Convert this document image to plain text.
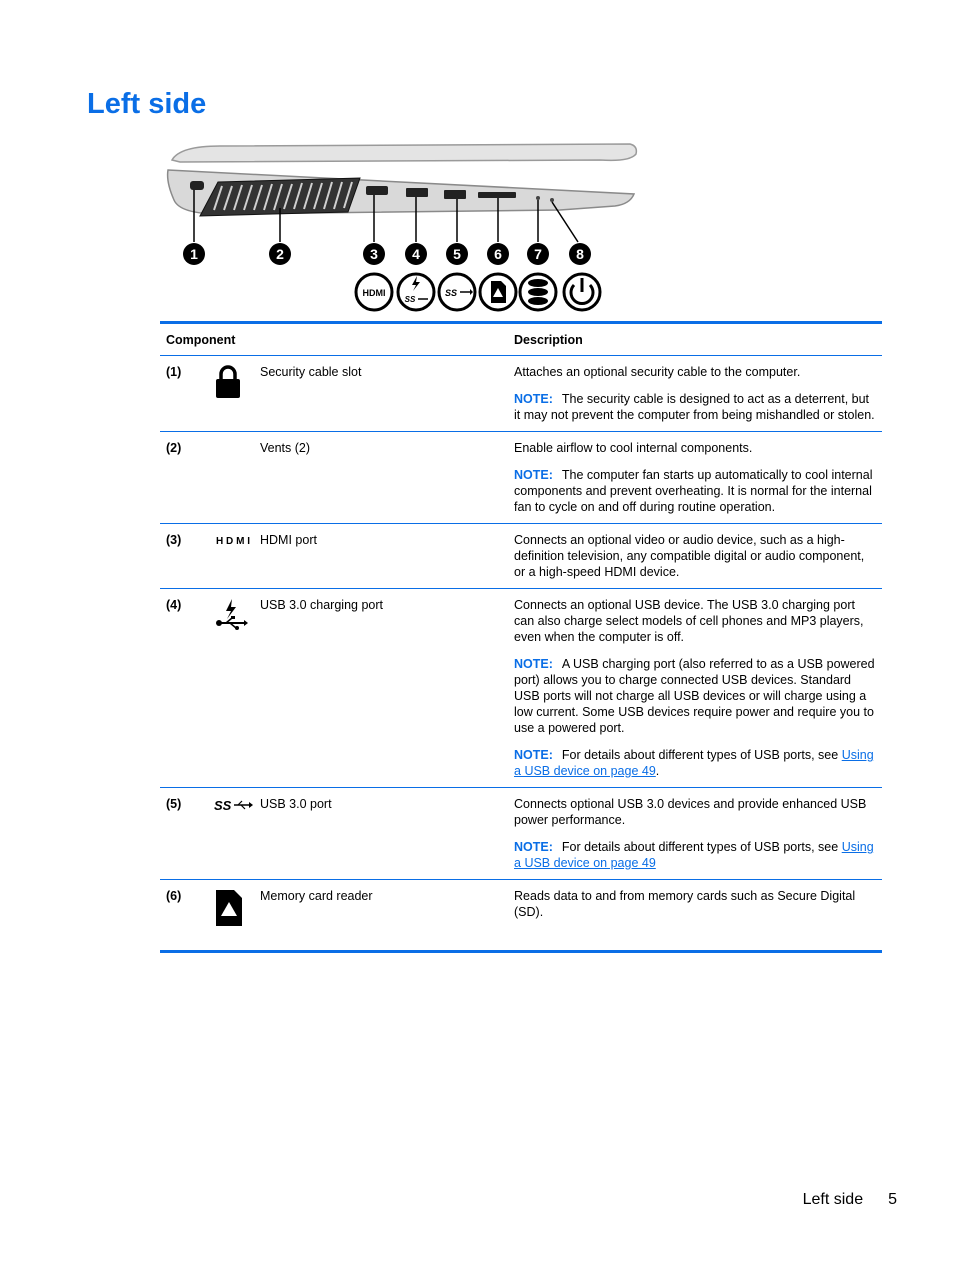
Left side
1	2	3 4 5 6 7 8
HDMI
SS
SS
Component			Description
(1)		Security cable slot	Attaches an optional security cable to the computer.

NOTE: The security cable is designed to act as a deterrent, but it may not prevent the computer from being mishandled or stolen.

(2)		Vents (2)	Enable airflow to cool internal components.

NOTE: The computer fan starts up automatically to cool internal components and prevent overheating. It is normal for the internal fan to cycle on and off during routine operation.

(3)	HDMI	HDMI port	Connects an optional video or audio device, such as a high-definition television, any compatible digital or audio component, or a high-speed HDMI device.

(4)		USB 3.0 charging port	Connects an optional USB device. The USB 3.0 charging port can also charge select models of cell phones and MP3 players, even when the computer is off.

NOTE: A USB charging port (also referred to as a USB powered port) allows you to charge connected USB devices. Standard USB ports will not charge all USB devices or will charge using a low current. Some USB devices require power and require you to use a powered port.

NOTE: For details about different types of USB ports, see Using a USB device on page 49.

(5)	SS	USB 3.0 port	Connects optional USB 3.0 devices and provide enhanced USB power performance.

NOTE: For details about different types of USB ports, see Using a USB device on page 49

(6)		Memory card reader	Reads data to and from memory cards such as Secure Digital (SD).

Left side 5
